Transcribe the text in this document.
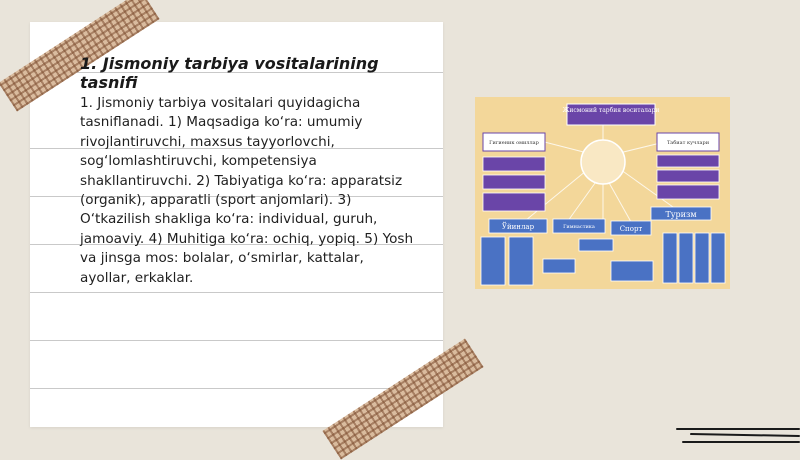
1. Jismoniy tarbiya vositalarining tasnifi

1. Jismoniy tarbiya vositalari quyidagicha tasniflanadi. 1) Maqsadiga ko‘ra: umumiy rivojlantiruvchi, maxsus tayyorlovchi, sog‘lomlashtiruvchi, kompetensiya shakllantiruvchi. 2) Tabiyatiga ko‘ra: apparatsiz (organik), apparatli (sport anjomlari). 3) O‘tkazilish shakliga ko‘ra: individual, guruh, jamoaviy. 4) Muhitiga ko‘ra: ochiq, yopiq. 5) Yosh va jinsga mos: bolalar, o‘smirlar, kattalar, ayollar, erkaklar.

Жисмоний тарбия воситалари
Гигиеник омиллар	Табиат кучлари
Ўйинлар	Гимнастика	Спорт
Туризм
